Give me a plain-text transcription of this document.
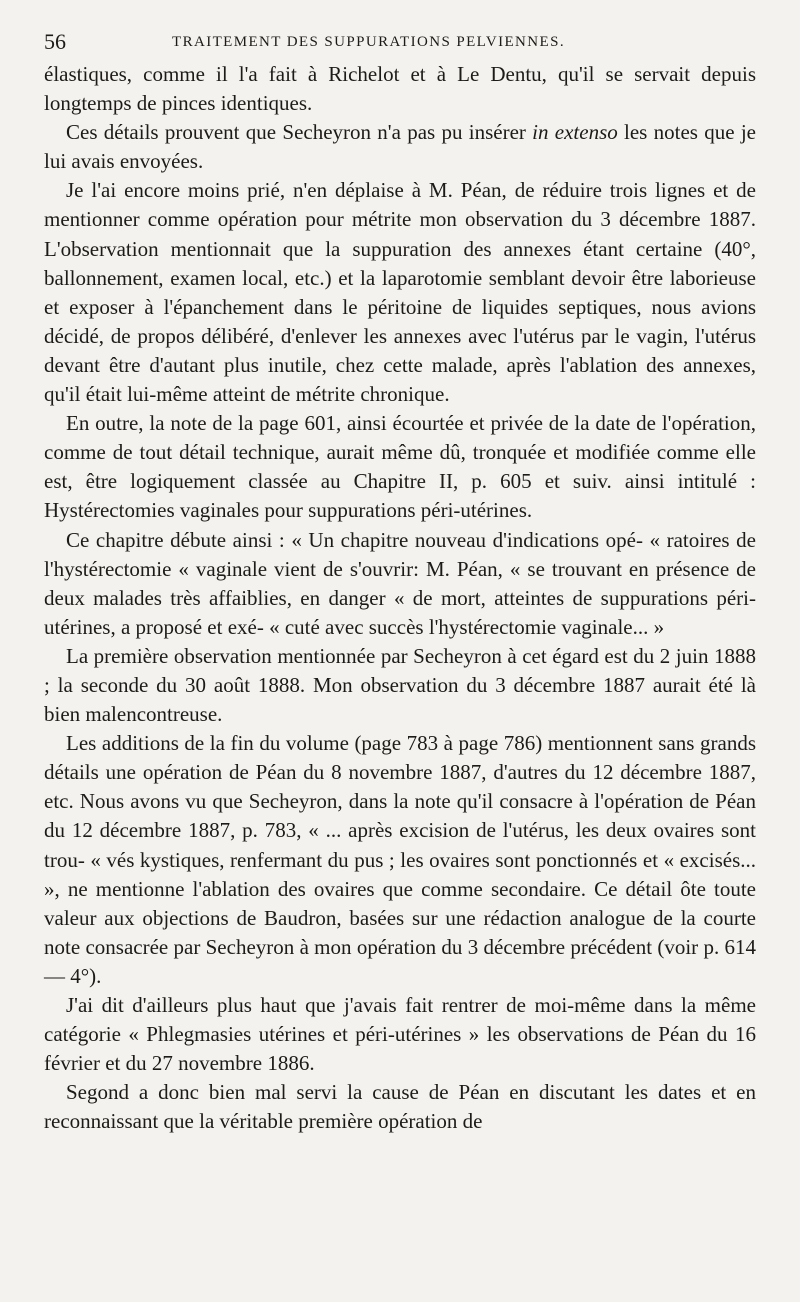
56	TRAITEMENT DES SUPPURATIONS PELVIENNES.

élastiques, comme il l'a fait à Richelot et à Le Dentu, qu'il se servait depuis longtemps de pinces identiques.

Ces détails prouvent que Secheyron n'a pas pu insérer in extenso les notes que je lui avais envoyées.

Je l'ai encore moins prié, n'en déplaise à M. Péan, de réduire trois lignes et de mentionner comme opération pour métrite mon observation du 3 décembre 1887. L'observation mentionnait que la suppuration des annexes étant certaine (40°, ballonnement, examen local, etc.) et la laparotomie semblant devoir être laborieuse et exposer à l'épanchement dans le péritoine de liquides septiques, nous avions décidé, de propos délibéré, d'enlever les annexes avec l'utérus par le vagin, l'utérus devant être d'autant plus inutile, chez cette malade, après l'ablation des annexes, qu'il était lui-même atteint de métrite chronique.

En outre, la note de la page 601, ainsi écourtée et privée de la date de l'opération, comme de tout détail technique, aurait même dû, tronquée et modifiée comme elle est, être logiquement classée au Chapitre II, p. 605 et suiv. ainsi intitulé : Hystérectomies vaginales pour suppurations péri-utérines.

Ce chapitre débute ainsi : « Un chapitre nouveau d'indications opé- « ratoires de l'hystérectomie « vaginale vient de s'ouvrir: M. Péan, « se trouvant en présence de deux malades très affaiblies, en danger « de mort, atteintes de suppurations péri-utérines, a proposé et exé- « cuté avec succès l'hystérectomie vaginale... »

La première observation mentionnée par Secheyron à cet égard est du 2 juin 1888 ; la seconde du 30 août 1888. Mon observation du 3 décembre 1887 aurait été là bien malencontreuse.

Les additions de la fin du volume (page 783 à page 786) mentionnent sans grands détails une opération de Péan du 8 novembre 1887, d'autres du 12 décembre 1887, etc. Nous avons vu que Secheyron, dans la note qu'il consacre à l'opération de Péan du 12 décembre 1887, p. 783, « ... après excision de l'utérus, les deux ovaires sont trou- « vés kystiques, renfermant du pus ; les ovaires sont ponctionnés et « excisés... », ne mentionne l'ablation des ovaires que comme secondaire. Ce détail ôte toute valeur aux objections de Baudron, basées sur une rédaction analogue de la courte note consacrée par Secheyron à mon opération du 3 décembre précédent (voir p. 614 — 4°).

J'ai dit d'ailleurs plus haut que j'avais fait rentrer de moi-même dans la même catégorie « Phlegmasies utérines et péri-utérines » les observations de Péan du 16 février et du 27 novembre 1886.

Segond a donc bien mal servi la cause de Péan en discutant les dates et en reconnaissant que la véritable première opération de
